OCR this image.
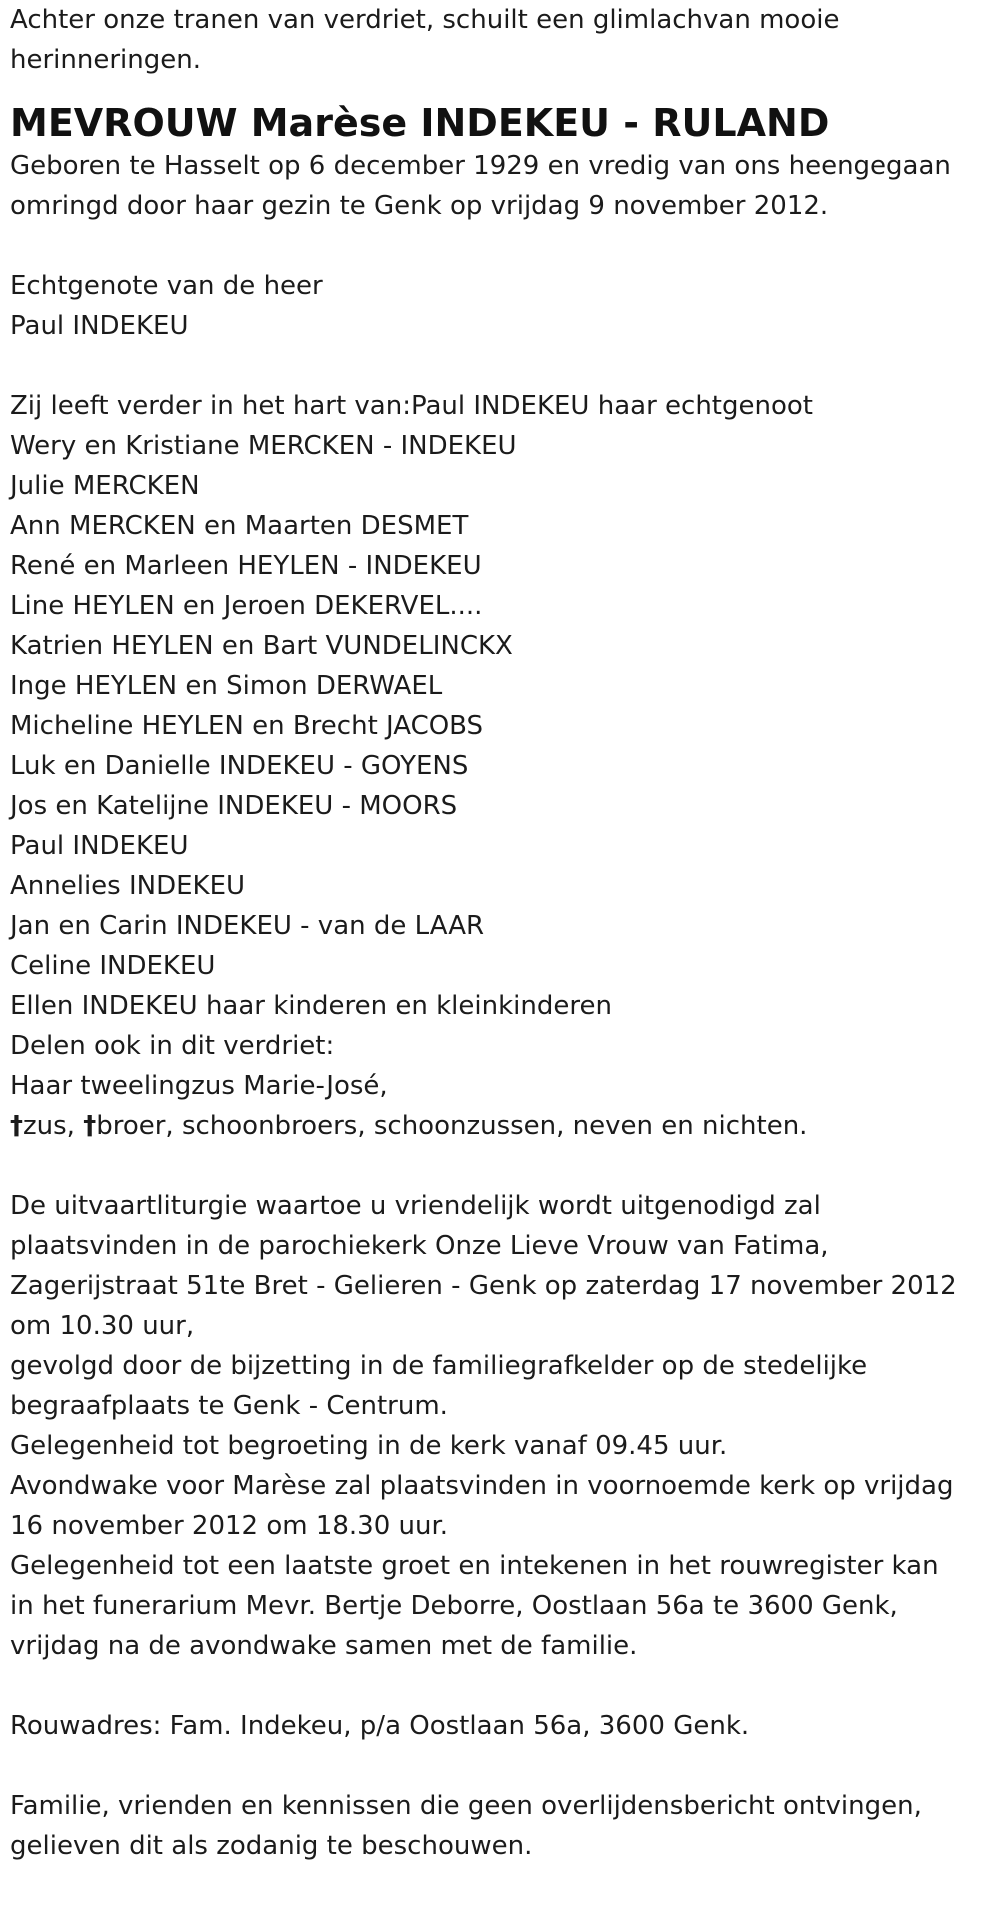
Achter onze tranen van verdriet, schuilt een glimlachvan mooie
herinneringen.
MEVROUW Marèse INDEKEU - RULAND
Geboren te Hasselt op 6 december 1929 en vredig van ons heengegaan
omringd door haar gezin te Genk op vrijdag 9 november 2012.
Echtgenote van de heer
Paul INDEKEU
Zij leeft verder in het hart van:Paul INDEKEU haar echtgenoot
Wery en Kristiane MERCKEN - INDEKEU
Julie MERCKEN
Ann MERCKEN en Maarten DESMET
René en Marleen HEYLEN - INDEKEU
Line HEYLEN en Jeroen DEKERVEL....
Katrien HEYLEN en Bart VUNDELINCKX
Inge HEYLEN en Simon DERWAEL
Micheline HEYLEN en Brecht JACOBS
Luk en Danielle INDEKEU - GOYENS
Jos en Katelijne INDEKEU - MOORS
Paul INDEKEU
Annelies INDEKEU
Jan en Carin INDEKEU - van de LAAR
Celine INDEKEU
Ellen INDEKEU haar kinderen en kleinkinderen
Delen ook in dit verdriet:
Haar tweelingzus Marie-José,
†zus, †broer, schoonbroers, schoonzussen, neven en nichten.
De uitvaartliturgie waartoe u vriendelijk wordt uitgenodigd zal
plaatsvinden in de parochiekerk Onze Lieve Vrouw van Fatima,
Zagerijstraat 51te Bret - Gelieren - Genk op zaterdag 17 november 2012
om 10.30 uur,
gevolgd door de bijzetting in de familiegrafkelder op de stedelijke
begraafplaats te Genk - Centrum.
Gelegenheid tot begroeting in de kerk vanaf 09.45 uur.
Avondwake voor Marèse zal plaatsvinden in voornoemde kerk op vrijdag
16 november 2012 om 18.30 uur.
Gelegenheid tot een laatste groet en intekenen in het rouwregister kan
in het funerarium Mevr. Bertje Deborre, Oostlaan 56a te 3600 Genk,
vrijdag na de avondwake samen met de familie.
Rouwadres: Fam. Indekeu, p/a Oostlaan 56a, 3600 Genk.
Familie, vrienden en kennissen die geen overlijdensbericht ontvingen,
gelieven dit als zodanig te beschouwen.
